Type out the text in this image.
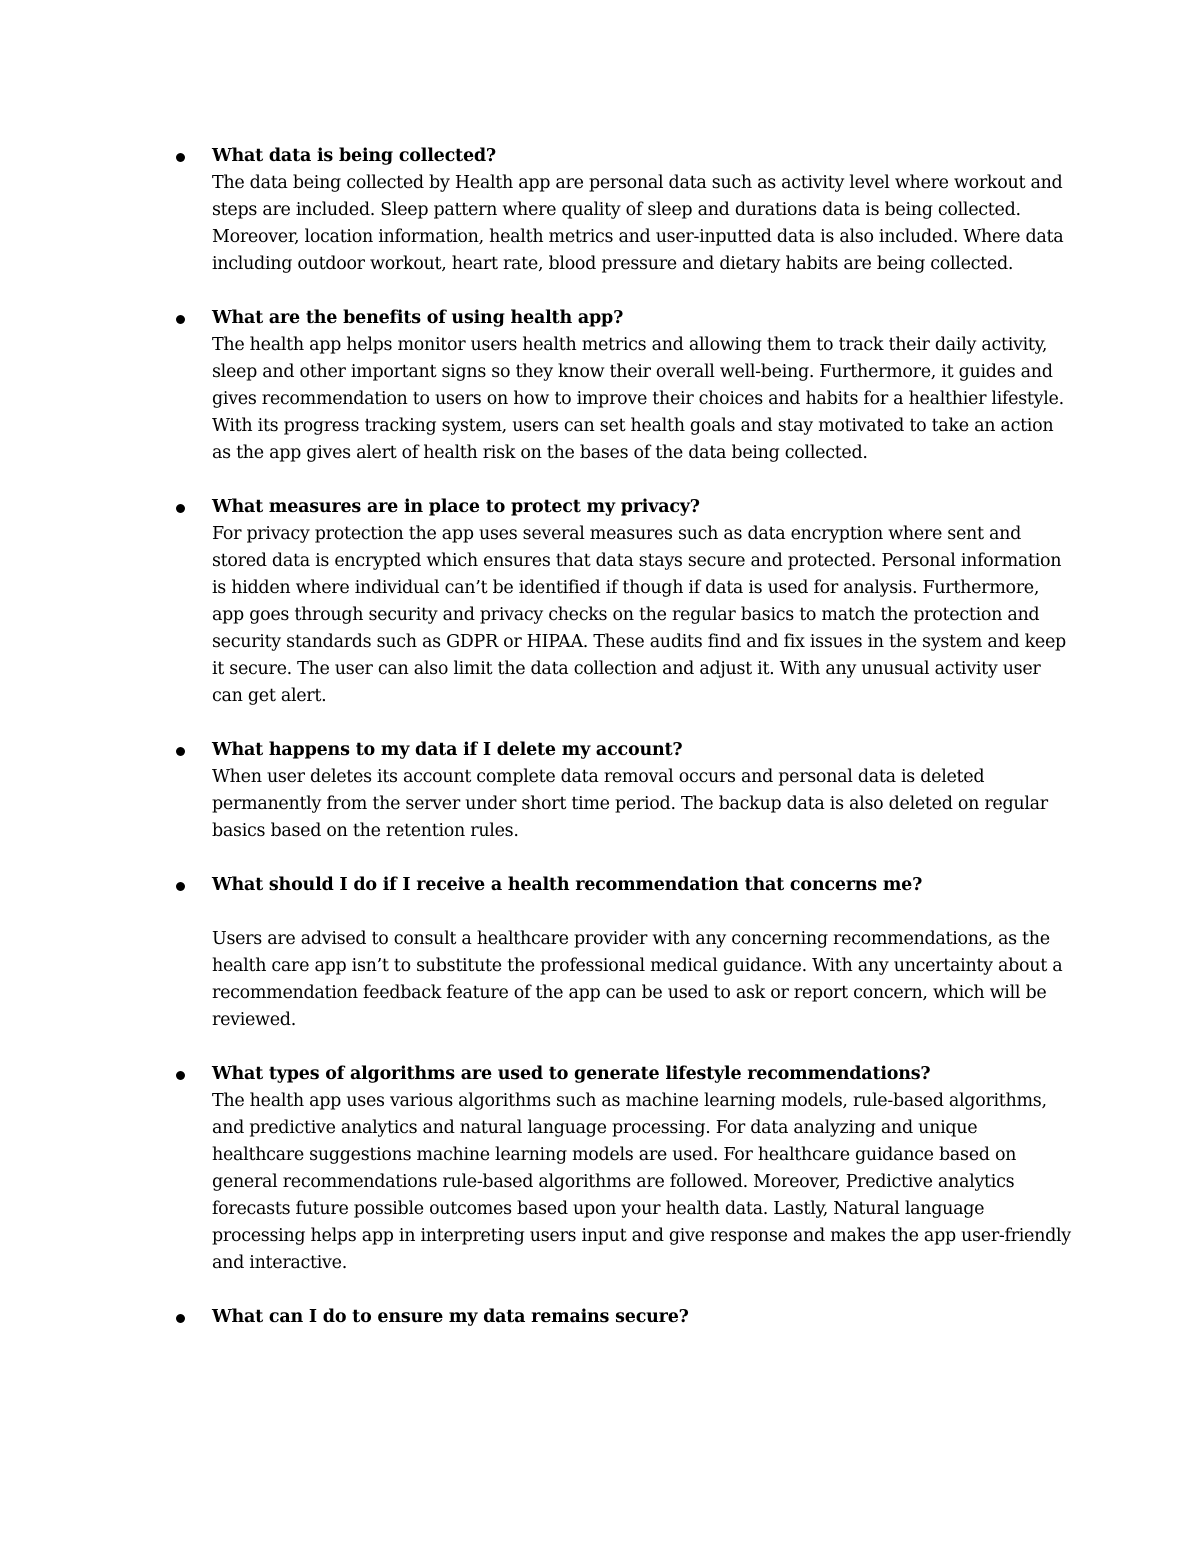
What data is being collected?

The data being collected by Health app are personal data such as activity level where workout and steps are included. Sleep pattern where quality of sleep and durations data is being collected. Moreover, location information, health metrics and user-inputted data is also included. Where data including outdoor workout, heart rate, blood pressure and dietary habits are being collected.

What are the benefits of using health app?

The health app helps monitor users health metrics and allowing them to track their daily activity, sleep and other important signs so they know their overall well-being. Furthermore, it guides and gives recommendation to users on how to improve their choices and habits for a healthier lifestyle. With its progress tracking system, users can set health goals and stay motivated to take an action as the app gives alert of health risk on the bases of the data being collected.

What measures are in place to protect my privacy?

For privacy protection the app uses several measures such as data encryption where sent and stored data is encrypted which ensures that data stays secure and protected. Personal information is hidden where individual can’t be identified if though if data is used for analysis. Furthermore, app goes through security and privacy checks on the regular basics to match the protection and security standards such as GDPR or HIPAA. These audits find and fix issues in the system and keep it secure. The user can also limit the data collection and adjust it. With any unusual activity user can get alert.

What happens to my data if I delete my account?

When user deletes its account complete data removal occurs and personal data is deleted permanently from the server under short time period. The backup data is also deleted on regular basics based on the retention rules.

What should I do if I receive a health recommendation that concerns me?

Users are advised to consult a healthcare provider with any concerning recommendations, as the health care app isn’t to substitute the professional medical guidance. With any uncertainty about a recommendation feedback feature of the app can be used to ask or report concern, which will be reviewed.

What types of algorithms are used to generate lifestyle recommendations?

The health app uses various algorithms such as machine learning models, rule-based algorithms, and predictive analytics and natural language processing. For data analyzing and unique healthcare suggestions machine learning models are used. For healthcare guidance based on general recommendations rule-based algorithms are followed. Moreover, Predictive analytics forecasts future possible outcomes based upon your health data. Lastly, Natural language processing helps app in interpreting users input and give response and makes the app user-friendly and interactive.

What can I do to ensure my data remains secure?
